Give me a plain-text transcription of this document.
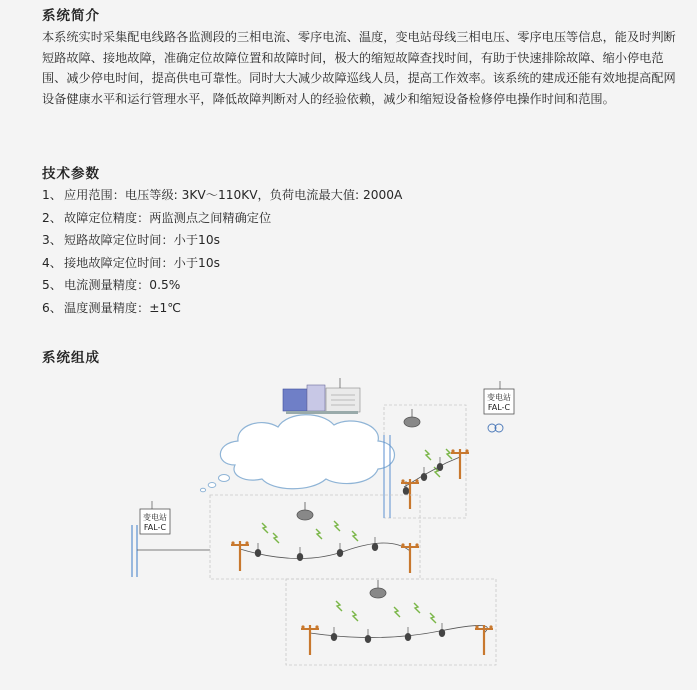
系统简介
本系统实时采集配电线路各监测段的三相电流、零序电流、温度，变电站母线三相电压、零序电压等信息，能及时判断短路故障、接地故障，准确定位故障位置和故障时间，极大的缩短故障查找时间，有助于快速排除故障、缩小停电范围、减少停电时间，提高供电可靠性。同时大大减少故障巡线人员，提高工作效率。该系统的建成还能有效地提高配网设备健康水平和运行管理水平，降低故障判断对人的经验依赖，减少和缩短设备检修停电操作时间和范围。
技术参数
1、 应用范围：电压等级: 3KV～110KV，负荷电流最大值: 2000A
2、 故障定位精度：两监测点之间精确定位
3、 短路故障定位时间：小于10s
4、 接地故障定位时间：小于10s
5、 电流测量精度：0.5%
6、 温度测量精度：±1℃
系统组成
变电站
FAL-C
变电站
FAL-C
